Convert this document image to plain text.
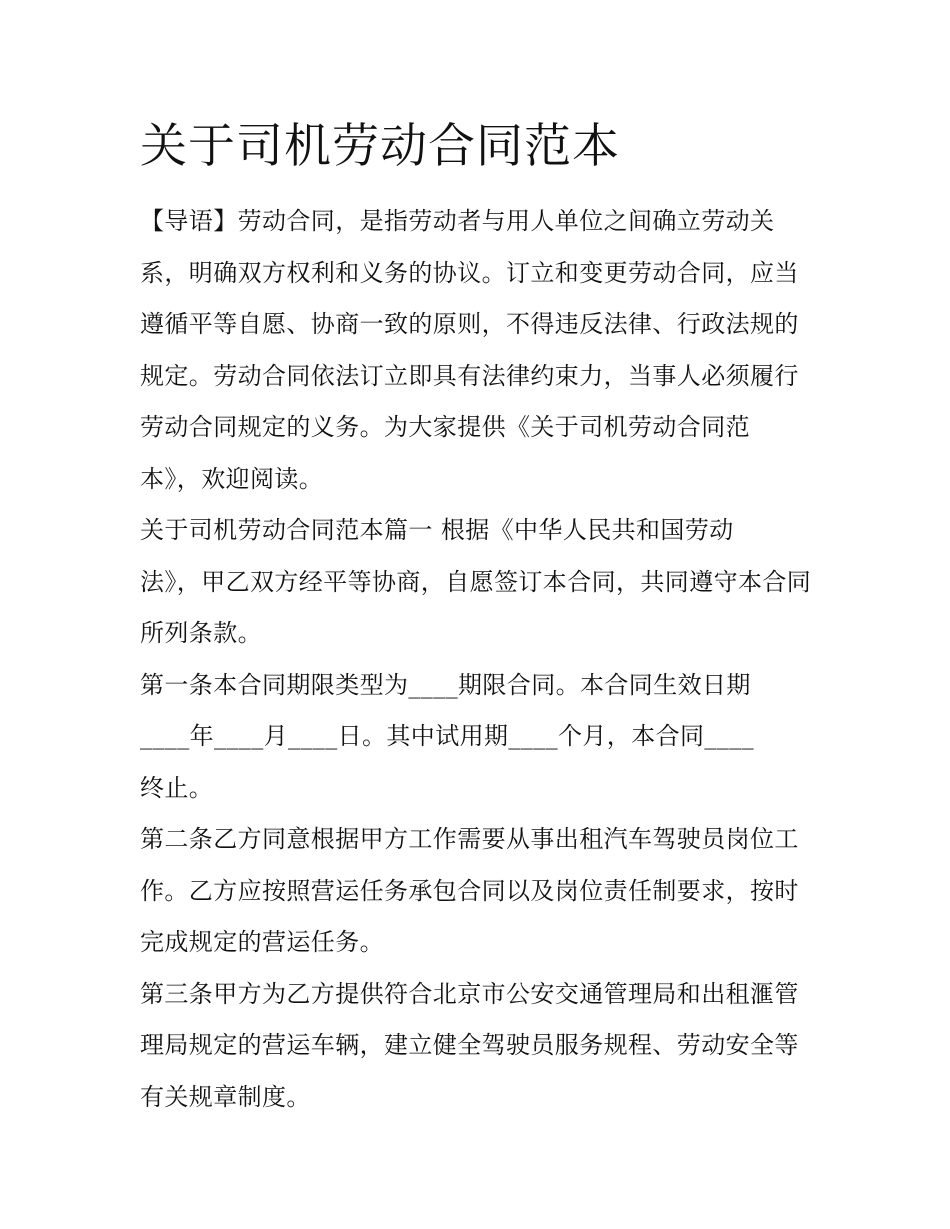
关于司机劳动合同范本

【导语】劳动合同，是指劳动者与用人单位之间确立劳动关系，明确双方权利和义务的协议。订立和变更劳动合同，应当遵循平等自愿、协商一致的原则，不得违反法律、行政法规的规定。劳动合同依法订立即具有法律约束力，当事人必须履行劳动合同规定的义务。为大家提供《关于司机劳动合同范
本》，欢迎阅读。

关于司机劳动合同范本篇一 根据《中华人民共和国劳动
法》，甲乙双方经平等协商，自愿签订本合同，共同遵守本合同所列条款。

第一条本合同期限类型为____期限合同。本合同生效日期
____年____月____日。其中试用期____个月，本合同____
终止。

第二条乙方同意根据甲方工作需要从事出租汽车驾驶员岗位工作。乙方应按照营运任务承包合同以及岗位责任制要求，按时完成规定的营运任务。

第三条甲方为乙方提供符合北京市公安交通管理局和出租滙管理局规定的营运车辆，建立健全驾驶员服务规程、劳动安全等有关规章制度。
